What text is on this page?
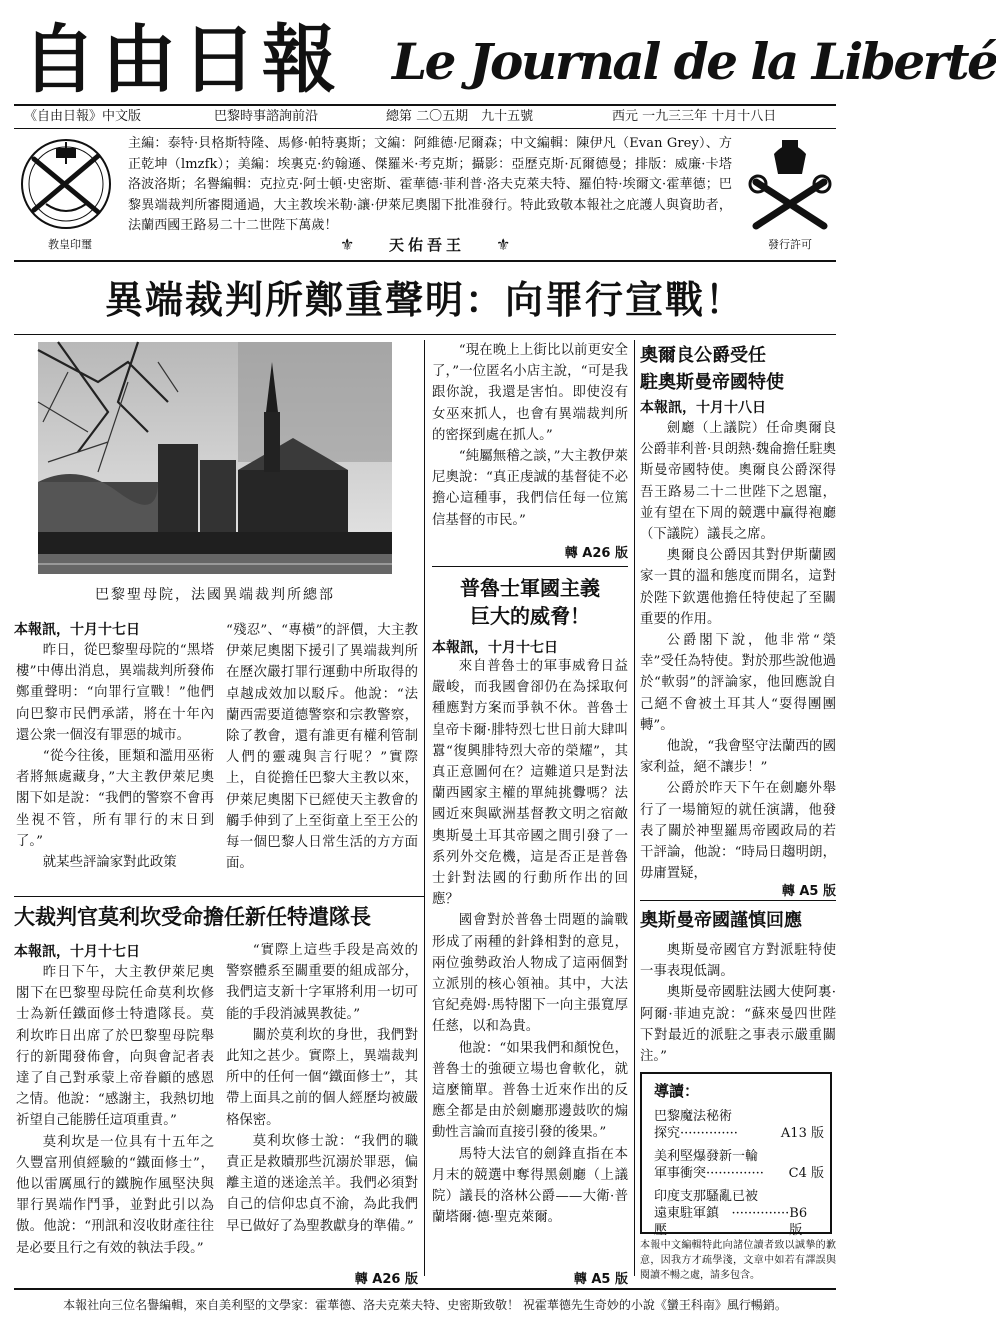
自由日報	Le Journal de la Liberté
《自由日報》中文版	巴黎時事諮詢前沿	總第 二〇五期　九十五號	西元 一九三三年 十月十八日
教皇印璽
主編：泰特·貝格斯特隆、馬修·帕特裏斯；文編：阿維德·尼爾森；中文編輯：陳伊凡（Evan Grey）、方正乾坤（lmzfk）；美編：埃裏克·約翰遜、傑羅米·考克斯；攝影：亞歷克斯·瓦爾德曼；排版：威廉·卡塔洛波洛斯；名譽編輯：克拉克·阿士頓·史密斯、霍華德·菲利普·洛夫克萊夫特、羅伯特·埃爾文·霍華德；巴黎異端裁判所審閱通過，大主教埃米勒·讓·伊萊尼奧閣下批准發行。特此致敬本報社之庇護人與資助者，法蘭西國王路易二十二世陛下萬歲！
發行許可
⚜	天佑吾王	⚜
異端裁判所鄭重聲明：向罪行宣戰！
巴黎聖母院，法國異端裁判所總部
本報訊，十月十七日

昨日，從巴黎聖母院的“黑塔樓”中傳出消息，異端裁判所發佈鄭重聲明：“向罪行宣戰！”他們向巴黎市民們承諾，將在十年內還公衆一個沒有罪惡的城市。

“從今往後，匪類和濫用巫術者將無處藏身，”大主教伊萊尼奧閣下如是說：“我們的警察不會再坐視不管，所有罪行的末日到了。”

就某些評論家對此政策

“殘忍”、“專橫”的評價，大主教伊萊尼奧閣下援引了異端裁判所在歷次嚴打罪行運動中所取得的卓越成效加以駁斥。他說：“法蘭西需要道德警察和宗教警察，除了教會，還有誰更有權利管制人們的靈魂與言行呢？”實際上，自從擔任巴黎大主教以來，伊萊尼奧閣下已經使天主教會的觸手伸到了上至街童上至王公的每一個巴黎人日常生活的方方面面。

“現在晚上上街比以前更安全了，”一位匿名小店主說，“可是我跟你說，我還是害怕。即使沒有女巫來抓人，也會有異端裁判所的密探到處在抓人。”

“純屬無稽之談，”大主教伊萊尼奧說：“真正虔誠的基督徒不必擔心這種事，我們信任每一位篤信基督的市民。”

轉 A26 版
大裁判官莫利坎受命擔任新任特遣隊長
本報訊，十月十七日

昨日下午，大主教伊萊尼奧閣下在巴黎聖母院任命莫利坎修士為新任鐵面修士特遣隊長。莫利坎昨日出席了於巴黎聖母院舉行的新聞發佈會，向與會記者表達了自己對承蒙上帝眷顧的感恩之情。他說：“感謝主，我熱切地祈望自己能勝任這項重責。”

莫利坎是一位具有十五年之久豐富刑偵經驗的“鐵面修士”，他以雷厲風行的鐵腕作風堅決與罪行異端作鬥爭，並對此引以為傲。他說：“刑訊和沒收財產往往是必要且行之有效的執法手段。”

“實際上這些手段是高效的警察體系至關重要的組成部分，我們這支新十字軍將利用一切可能的手段消滅異教徒。”

關於莫利坎的身世，我們對此知之甚少。實際上，異端裁判所中的任何一個“鐵面修士”，其帶上面具之前的個人經歷均被嚴格保密。

莫利坎修士說：“我們的職責正是救贖那些沉溺於罪惡，偏離主道的迷途羔羊。我們必須對自己的信仰忠貞不渝，為此我們早已做好了為聖教獻身的準備。”

轉 A26 版
普魯士軍國主義
巨大的威脅！
本報訊，十月十七日

來自普魯士的軍事威脅日益嚴峻，而我國會卻仍在為採取何種應對方案而爭執不休。普魯士皇帝卡爾·腓特烈七世日前大肆叫囂“復興腓特烈大帝的榮耀”，其真正意圖何在？這難道只是對法蘭西國家主權的單純挑釁嗎？法國近來與歐洲基督教文明之宿敵奧斯曼土耳其帝國之間引發了一系列外交危機，這是否正是普魯士針對法國的行動所作出的回應？

國會對於普魯士問題的論戰形成了兩種的針鋒相對的意見，兩位強勢政治人物成了這兩個對立派別的核心領袖。其中，大法官紀堯姆·馬特閣下一向主張寬厚任慈，以和為貴。

他說：“如果我們和顏悅色，普魯士的強硬立場也會軟化，就這麼簡單。普魯士近來作出的反應全都是由於劍廳那邊鼓吹的煽動性言論而直接引發的後果。”

馬特大法官的劍鋒直指在本月末的競選中奪得黑劍廳（上議院）議長的洛林公爵——大衛·普蘭塔爾·德·聖克萊爾。

轉 A5 版
奧爾良公爵受任
駐奧斯曼帝國特使
本報訊，十月十八日

劍廳（上議院）任命奧爾良公爵菲利普·貝朗熱·魏侖擔任駐奧斯曼帝國特使。奧爾良公爵深得吾王路易二十二世陛下之恩寵，並有望在下周的競選中贏得袍廳（下議院）議長之席。

奧爾良公爵因其對伊斯蘭國家一貫的溫和態度而開名，這對於陛下欽選他擔任特使起了至關重要的作用。

公爵閣下說，他非常“榮幸”受任為特使。對於那些說他過於“軟弱”的評論家，他回應說自己絕不會被土耳其人“耍得團團轉”。

他說，“我會堅守法蘭西的國家利益，絕不讓步！”

公爵於昨天下午在劍廳外舉行了一場簡短的就任演講，他發表了關於神聖羅馬帝國政局的若干評論，他說：“時局日趨明朗，毋庸置疑，

轉 A5 版
奧斯曼帝國謹慎回應

奧斯曼帝國官方對派駐特使一事表現低調。

奧斯曼帝國駐法國大使阿裏·阿爾·菲迪克說：“蘇來曼四世陛下對最近的派駐之事表示嚴重關注。”

導讀：
巴黎魔法秘術
探究 ··············	A13 版
美利堅爆發新一輪
軍事衝突 ··············	C4 版
印度支那騷亂已被
遠東駐軍鎮壓
·············· B6 版
本報中文編輯特此向諸位讀者致以誠摯的歉意，因我方才疏學淺，文章中如若有譯誤與閱讀不暢之處，請多包含。
本報社向三位名譽編輯，來自美利堅的文學家：霍華德、洛夫克萊夫特、史密斯致敬！ 祝霍華德先生奇妙的小說《蠻王科南》風行暢銷。
